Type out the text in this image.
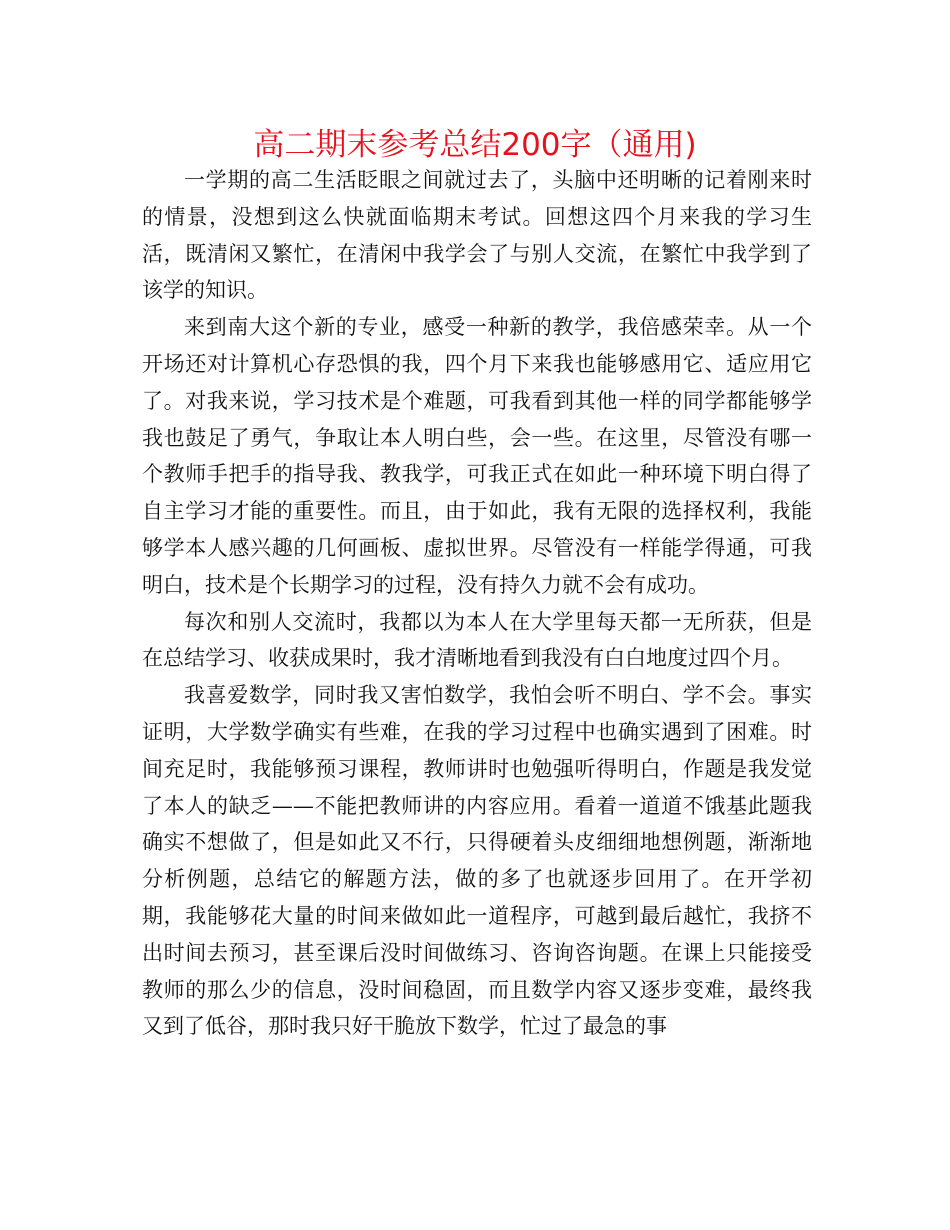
高二期末参考总结200字（通用)

一学期的高二生活眨眼之间就过去了，头脑中还明晰的记着刚来时的情景，没想到这么快就面临期末考试。回想这四个月来我的学习生活，既清闲又繁忙，在清闲中我学会了与别人交流，在繁忙中我学到了该学的知识。

来到南大这个新的专业，感受一种新的教学，我倍感荣幸。从一个开场还对计算机心存恐惧的我，四个月下来我也能够感用它、适应用它了。对我来说，学习技术是个难题，可我看到其他一样的同学都能够学我也鼓足了勇气，争取让本人明白些，会一些。在这里，尽管没有哪一个教师手把手的指导我、教我学，可我正式在如此一种环境下明白得了自主学习才能的重要性。而且，由于如此，我有无限的选择权利，我能够学本人感兴趣的几何画板、虚拟世界。尽管没有一样能学得通，可我明白，技术是个长期学习的过程，没有持久力就不会有成功。

每次和别人交流时，我都以为本人在大学里每天都一无所获，但是在总结学习、收获成果时，我才清晰地看到我没有白白地度过四个月。

我喜爱数学，同时我又害怕数学，我怕会听不明白、学不会。事实证明，大学数学确实有些难，在我的学习过程中也确实遇到了困难。时间充足时，我能够预习课程，教师讲时也勉强听得明白，作题是我发觉了本人的缺乏——不能把教师讲的内容应用。看着一道道不饿基此题我确实不想做了，但是如此又不行，只得硬着头皮细细地想例题，渐渐地分析例题，总结它的解题方法，做的多了也就逐步回用了。在开学初期，我能够花大量的时间来做如此一道程序，可越到最后越忙，我挤不出时间去预习，甚至课后没时间做练习、咨询咨询题。在课上只能接受教师的那么少的信息，没时间稳固，而且数学内容又逐步变难，最终我又到了低谷，那时我只好干脆放下数学，忙过了最急的事
